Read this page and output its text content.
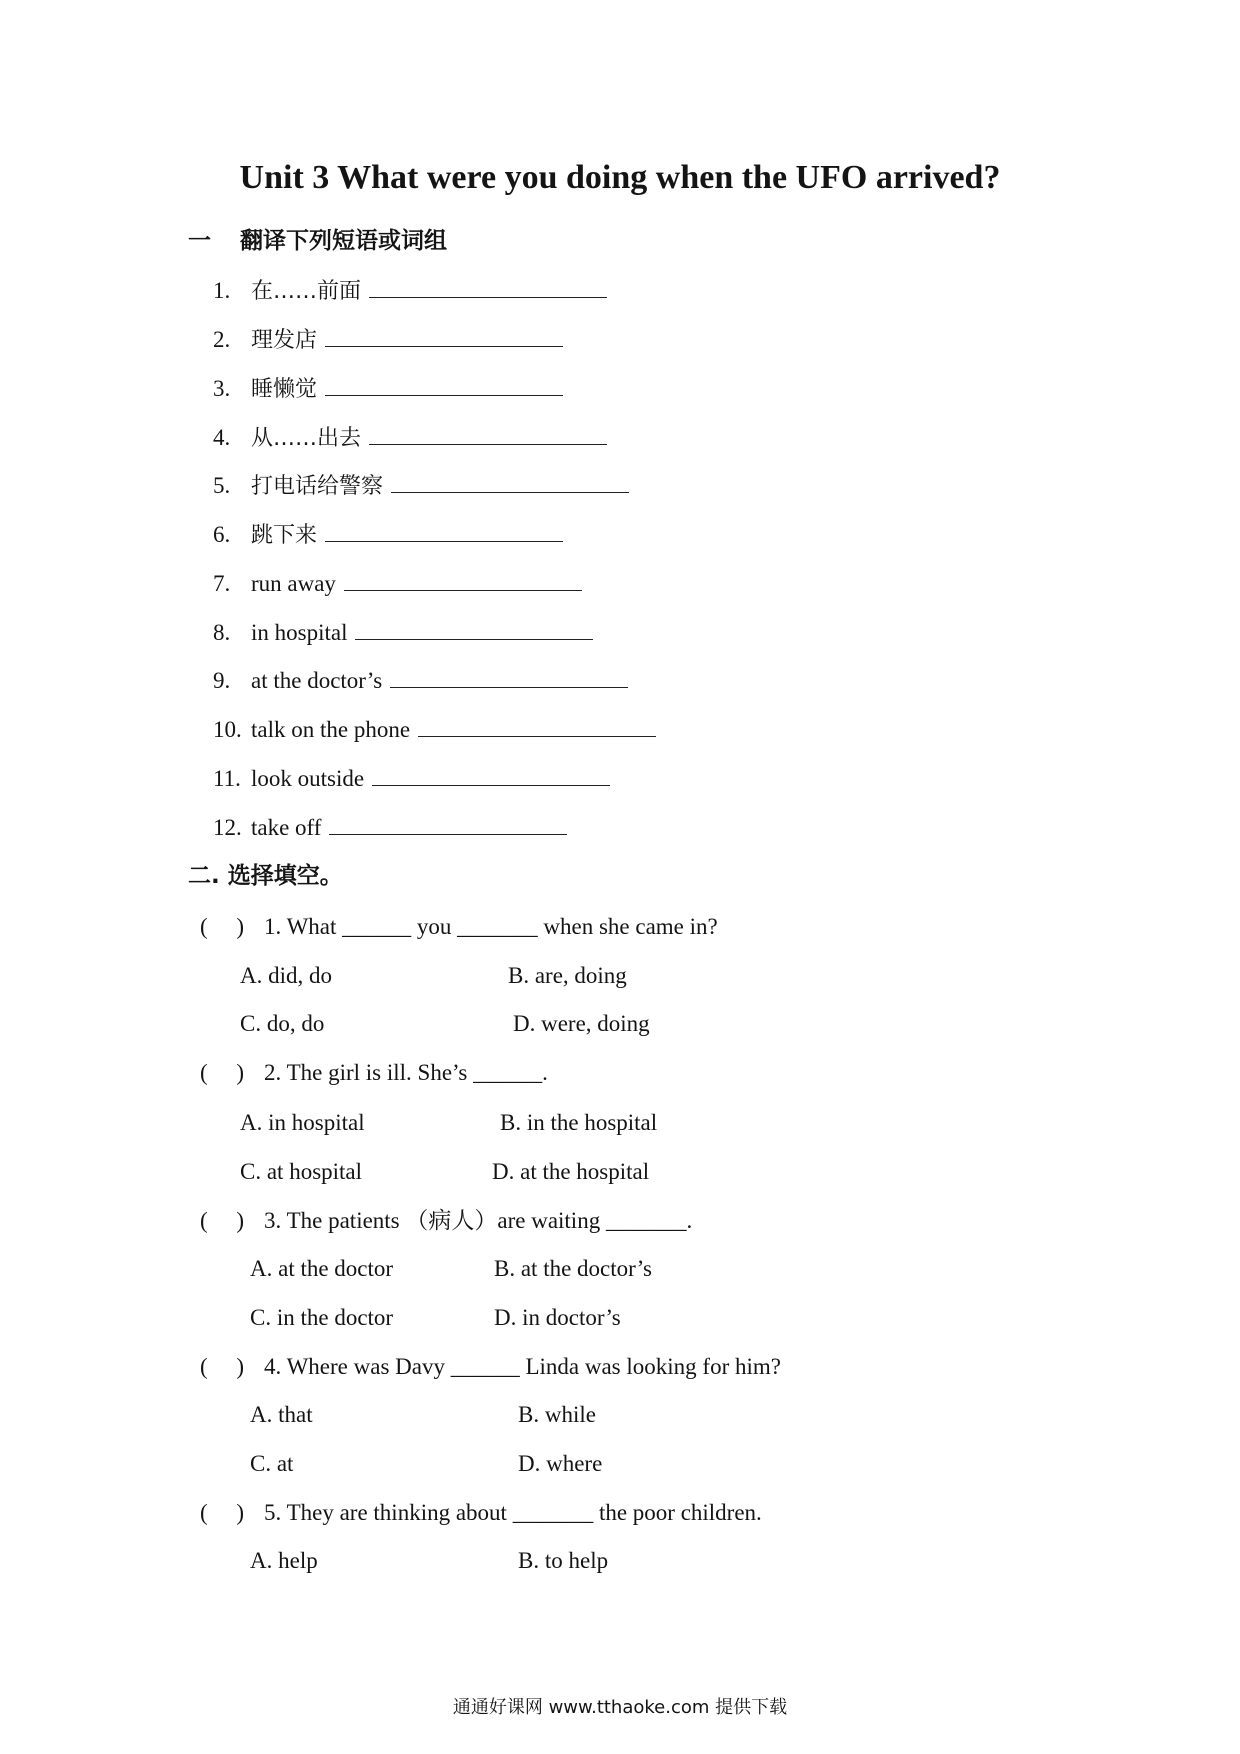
Unit 3 What were you doing when the UFO arrived?
一 翻译下列短语或词组
1. 在……前面
2. 理发店
3. 睡懒觉
4. 从……出去
5. 打电话给警察
6. 跳下来
7. run away
8. in hospital
9. at the doctor’s
10. talk on the phone
11. look outside
12. take off
二. 选择填空。
(     ) 1. What ______ you _______ when she came in?
A. did, do	B. are, doing
C. do, do	D. were, doing
(     ) 2. The girl is ill. She’s ______.
A. in hospital	B. in the hospital
C. at hospital	D. at the hospital
(     ) 3. The patients （病人）are waiting _______.
A. at the doctor	B. at the doctor’s
C. in the doctor	D. in doctor’s
(     ) 4. Where was Davy ______ Linda was looking for him?
A. that	B. while
C. at	D. where
(     ) 5. They are thinking about _______ the poor children.
A. help	B. to help
通通好课网 www.tthaoke.com 提供下载
